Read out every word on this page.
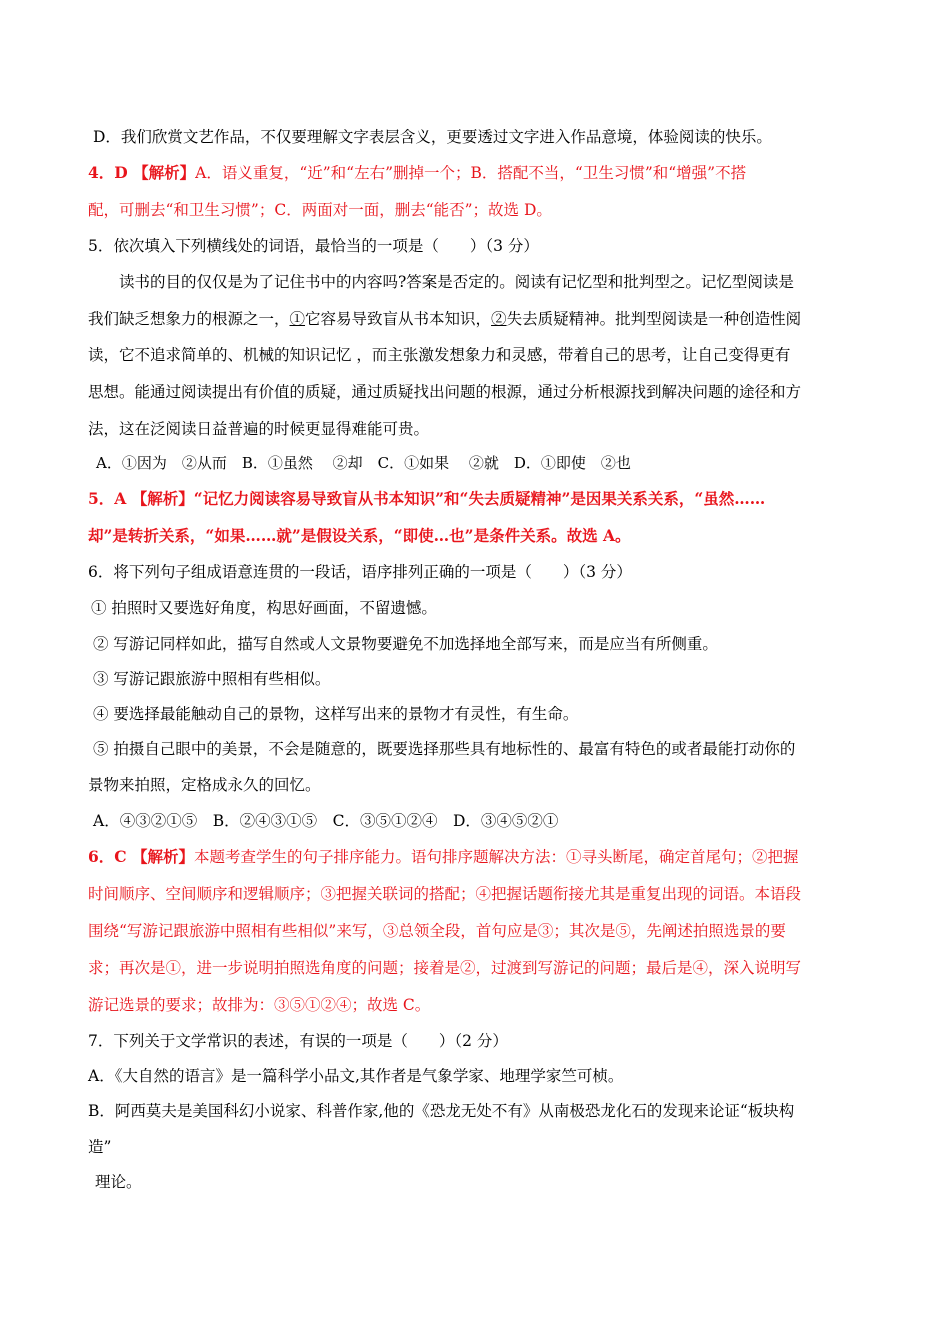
D．我们欣赏文艺作品，不仅要理解文字表层含义，更要透过文字进入作品意境，体验阅读的快乐。
4．D 【解析】A．语义重复，“近”和“左右”删掉一个；B．搭配不当，“卫生习惯”和“增强”不搭
配，可删去“和卫生习惯”；C．两面对一面，删去“能否”；故选 D。
5．依次填入下列横线处的词语，最恰当的一项是（　　）（3 分）
读书的目的仅仅是为了记住书中的内容吗?答案是否定的。阅读有记忆型和批判型之。记忆型阅读是
我们缺乏想象力的根源之一，①它容易导致盲从书本知识，②失去质疑精神。批判型阅读是一种创造性阅
读，它不追求简单的、机械的知识记忆 ，而主张激发想象力和灵感，带着自己的思考，让自己变得更有
思想。能通过阅读提出有价值的质疑，通过质疑找出问题的根源，通过分析根源找到解决问题的途径和方
法，这在泛阅读日益普遍的时候更显得难能可贵。
A．①因为　②从而　B．①虽然　 ②却　C．①如果　 ②就　D．①即使　②也
5．A 【解析】“记忆力阅读容易导致盲从书本知识”和“失去质疑精神”是因果关系关系，“虽然……
却”是转折关系，“如果……就”是假设关系，“即使…也”是条件关系。故选 A。
6．将下列句子组成语意连贯的一段话，语序排列正确的一项是（　　）（3 分）
① 拍照时又要选好角度，构思好画面，不留遗憾。
② 写游记同样如此，描写自然或人文景物要避免不加选择地全部写来，而是应当有所侧重。
③ 写游记跟旅游中照相有些相似。
④ 要选择最能触动自己的景物，这样写出来的景物才有灵性，有生命。
⑤ 拍摄自己眼中的美景，不会是随意的，既要选择那些具有地标性的、最富有特色的或者最能打动你的
景物来拍照，定格成永久的回忆。
A．④③②①⑤　B．②④③①⑤　C．③⑤①②④　D．③④⑤②①
6．C 【解析】本题考查学生的句子排序能力。语句排序题解决方法：①寻头断尾，确定首尾句；②把握
时间顺序、空间顺序和逻辑顺序；③把握关联词的搭配；④把握话题衔接尤其是重复出现的词语。本语段
围绕“写游记跟旅游中照相有些相似”来写，③总领全段，首句应是③；其次是⑤，先阐述拍照选景的要
求；再次是①，进一步说明拍照选角度的问题；接着是②，过渡到写游记的问题；最后是④，深入说明写
游记选景的要求；故排为：③⑤①②④；故选 C。
7．下列关于文学常识的表述，有误的一项是（　　）（2 分）
A．《大自然的语言》是一篇科学小品文,其作者是气象学家、地理学家竺可桢。
B．阿西莫夫是美国科幻小说家、科普作家,他的《恐龙无处不有》从南极恐龙化石的发现来论证“板块构
造”
理论。
